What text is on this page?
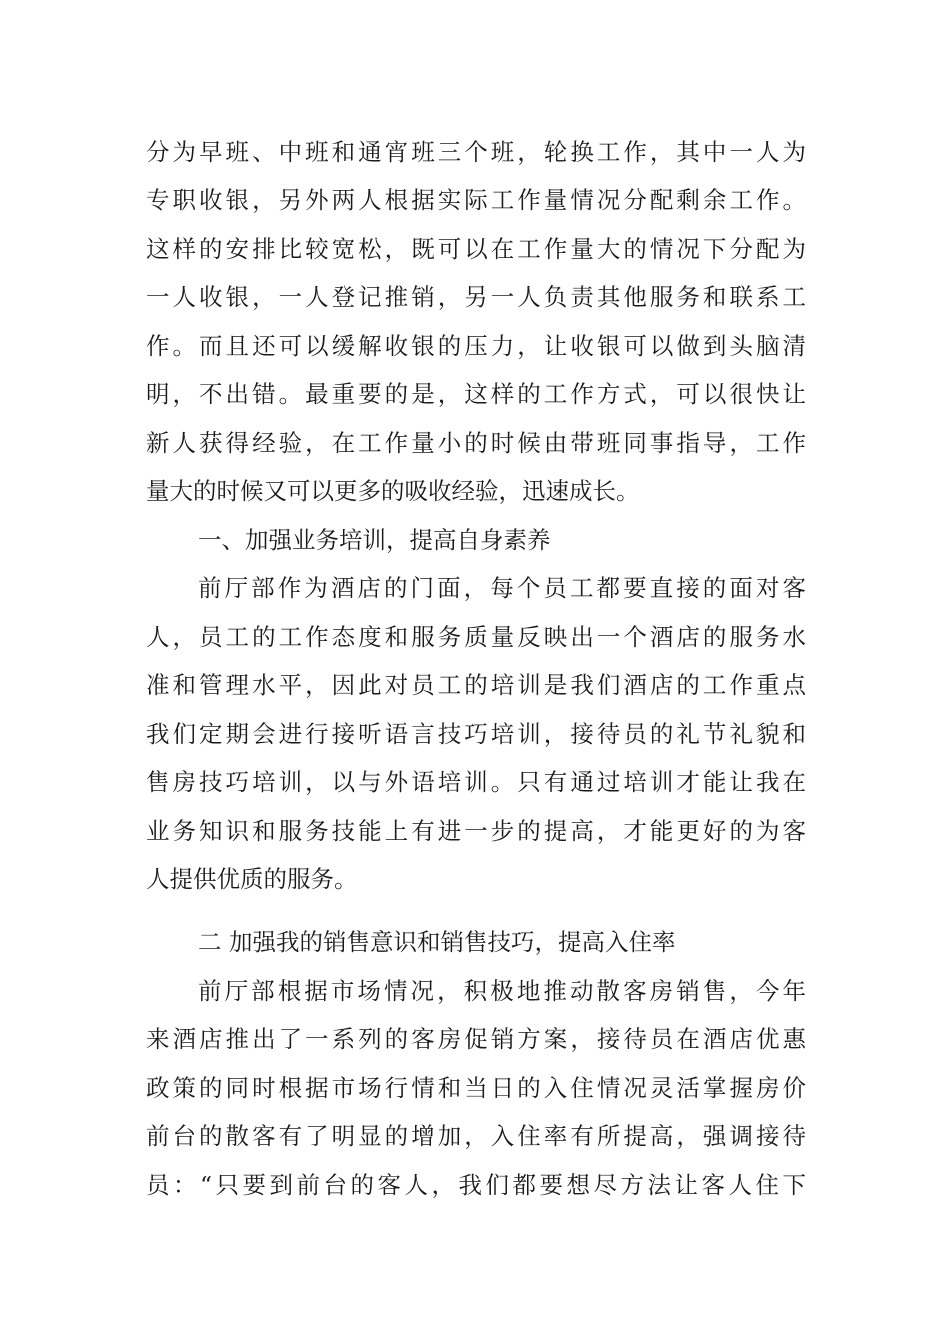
分为早班、中班和通宵班三个班，轮换工作，其中一人为
专职收银，另外两人根据实际工作量情况分配剩余工作。
这样的安排比较宽松，既可以在工作量大的情况下分配为
一人收银，一人登记推销，另一人负责其他服务和联系工
作。而且还可以缓解收银的压力，让收银可以做到头脑清
明，不出错。最重要的是，这样的工作方式，可以很快让
新人获得经验，在工作量小的时候由带班同事指导，工作
量大的时候又可以更多的吸收经验，迅速成长。
一、加强业务培训，提高自身素养
前厅部作为酒店的门面，每个员工都要直接的面对客
人，员工的工作态度和服务质量反映出一个酒店的服务水
准和管理水平，因此对员工的培训是我们酒店的工作重点
我们定期会进行接听语言技巧培训，接待员的礼节礼貌和
售房技巧培训，以与外语培训。只有通过培训才能让我在
业务知识和服务技能上有进一步的提高，才能更好的为客
人提供优质的服务。
二 加强我的销售意识和销售技巧，提高入住率
前厅部根据市场情况，积极地推动散客房销售，今年
来酒店推出了一系列的客房促销方案，接待员在酒店优惠
政策的同时根据市场行情和当日的入住情况灵活掌握房价
前台的散客有了明显的增加，入住率有所提高，强调接待
员：“只要到前台的客人，我们都要想尽方法让客人住下
